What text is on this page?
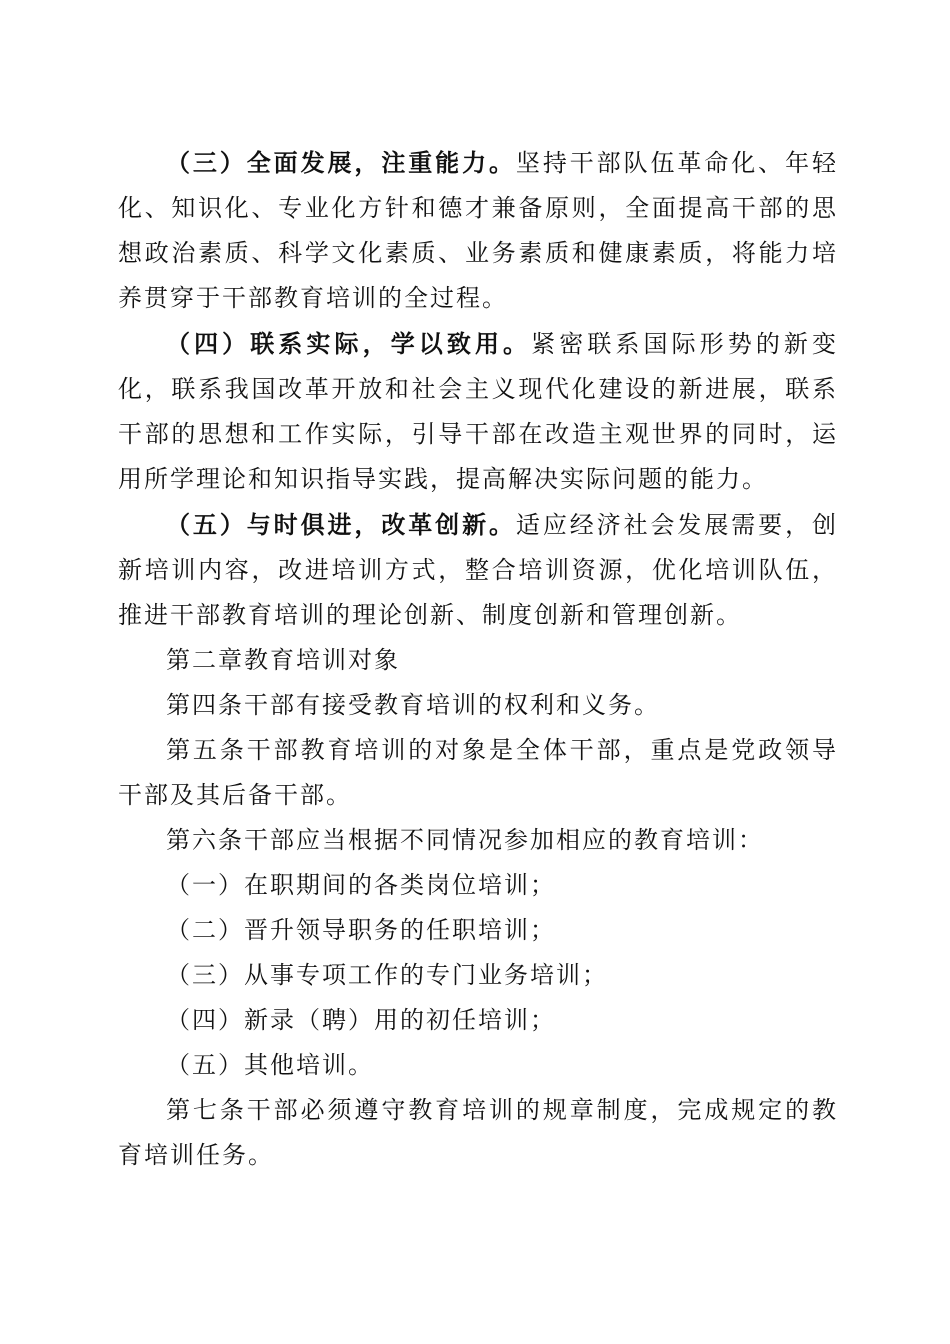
（三）全面发展，注重能力。坚持干部队伍革命化、年轻化、知识化、专业化方针和德才兼备原则，全面提高干部的思想政治素质、科学文化素质、业务素质和健康素质，将能力培养贯穿于干部教育培训的全过程。

（四）联系实际，学以致用。紧密联系国际形势的新变化，联系我国改革开放和社会主义现代化建设的新进展，联系干部的思想和工作实际，引导干部在改造主观世界的同时，运用所学理论和知识指导实践，提高解决实际问题的能力。

（五）与时俱进，改革创新。适应经济社会发展需要，创新培训内容，改进培训方式，整合培训资源，优化培训队伍，推进干部教育培训的理论创新、制度创新和管理创新。

第二章教育培训对象

第四条干部有接受教育培训的权利和义务。

第五条干部教育培训的对象是全体干部，重点是党政领导干部及其后备干部。

第六条干部应当根据不同情况参加相应的教育培训：

（一）在职期间的各类岗位培训；

（二）晋升领导职务的任职培训；

（三）从事专项工作的专门业务培训；

（四）新录（聘）用的初任培训；

（五）其他培训。

第七条干部必须遵守教育培训的规章制度，完成规定的教育培训任务。
